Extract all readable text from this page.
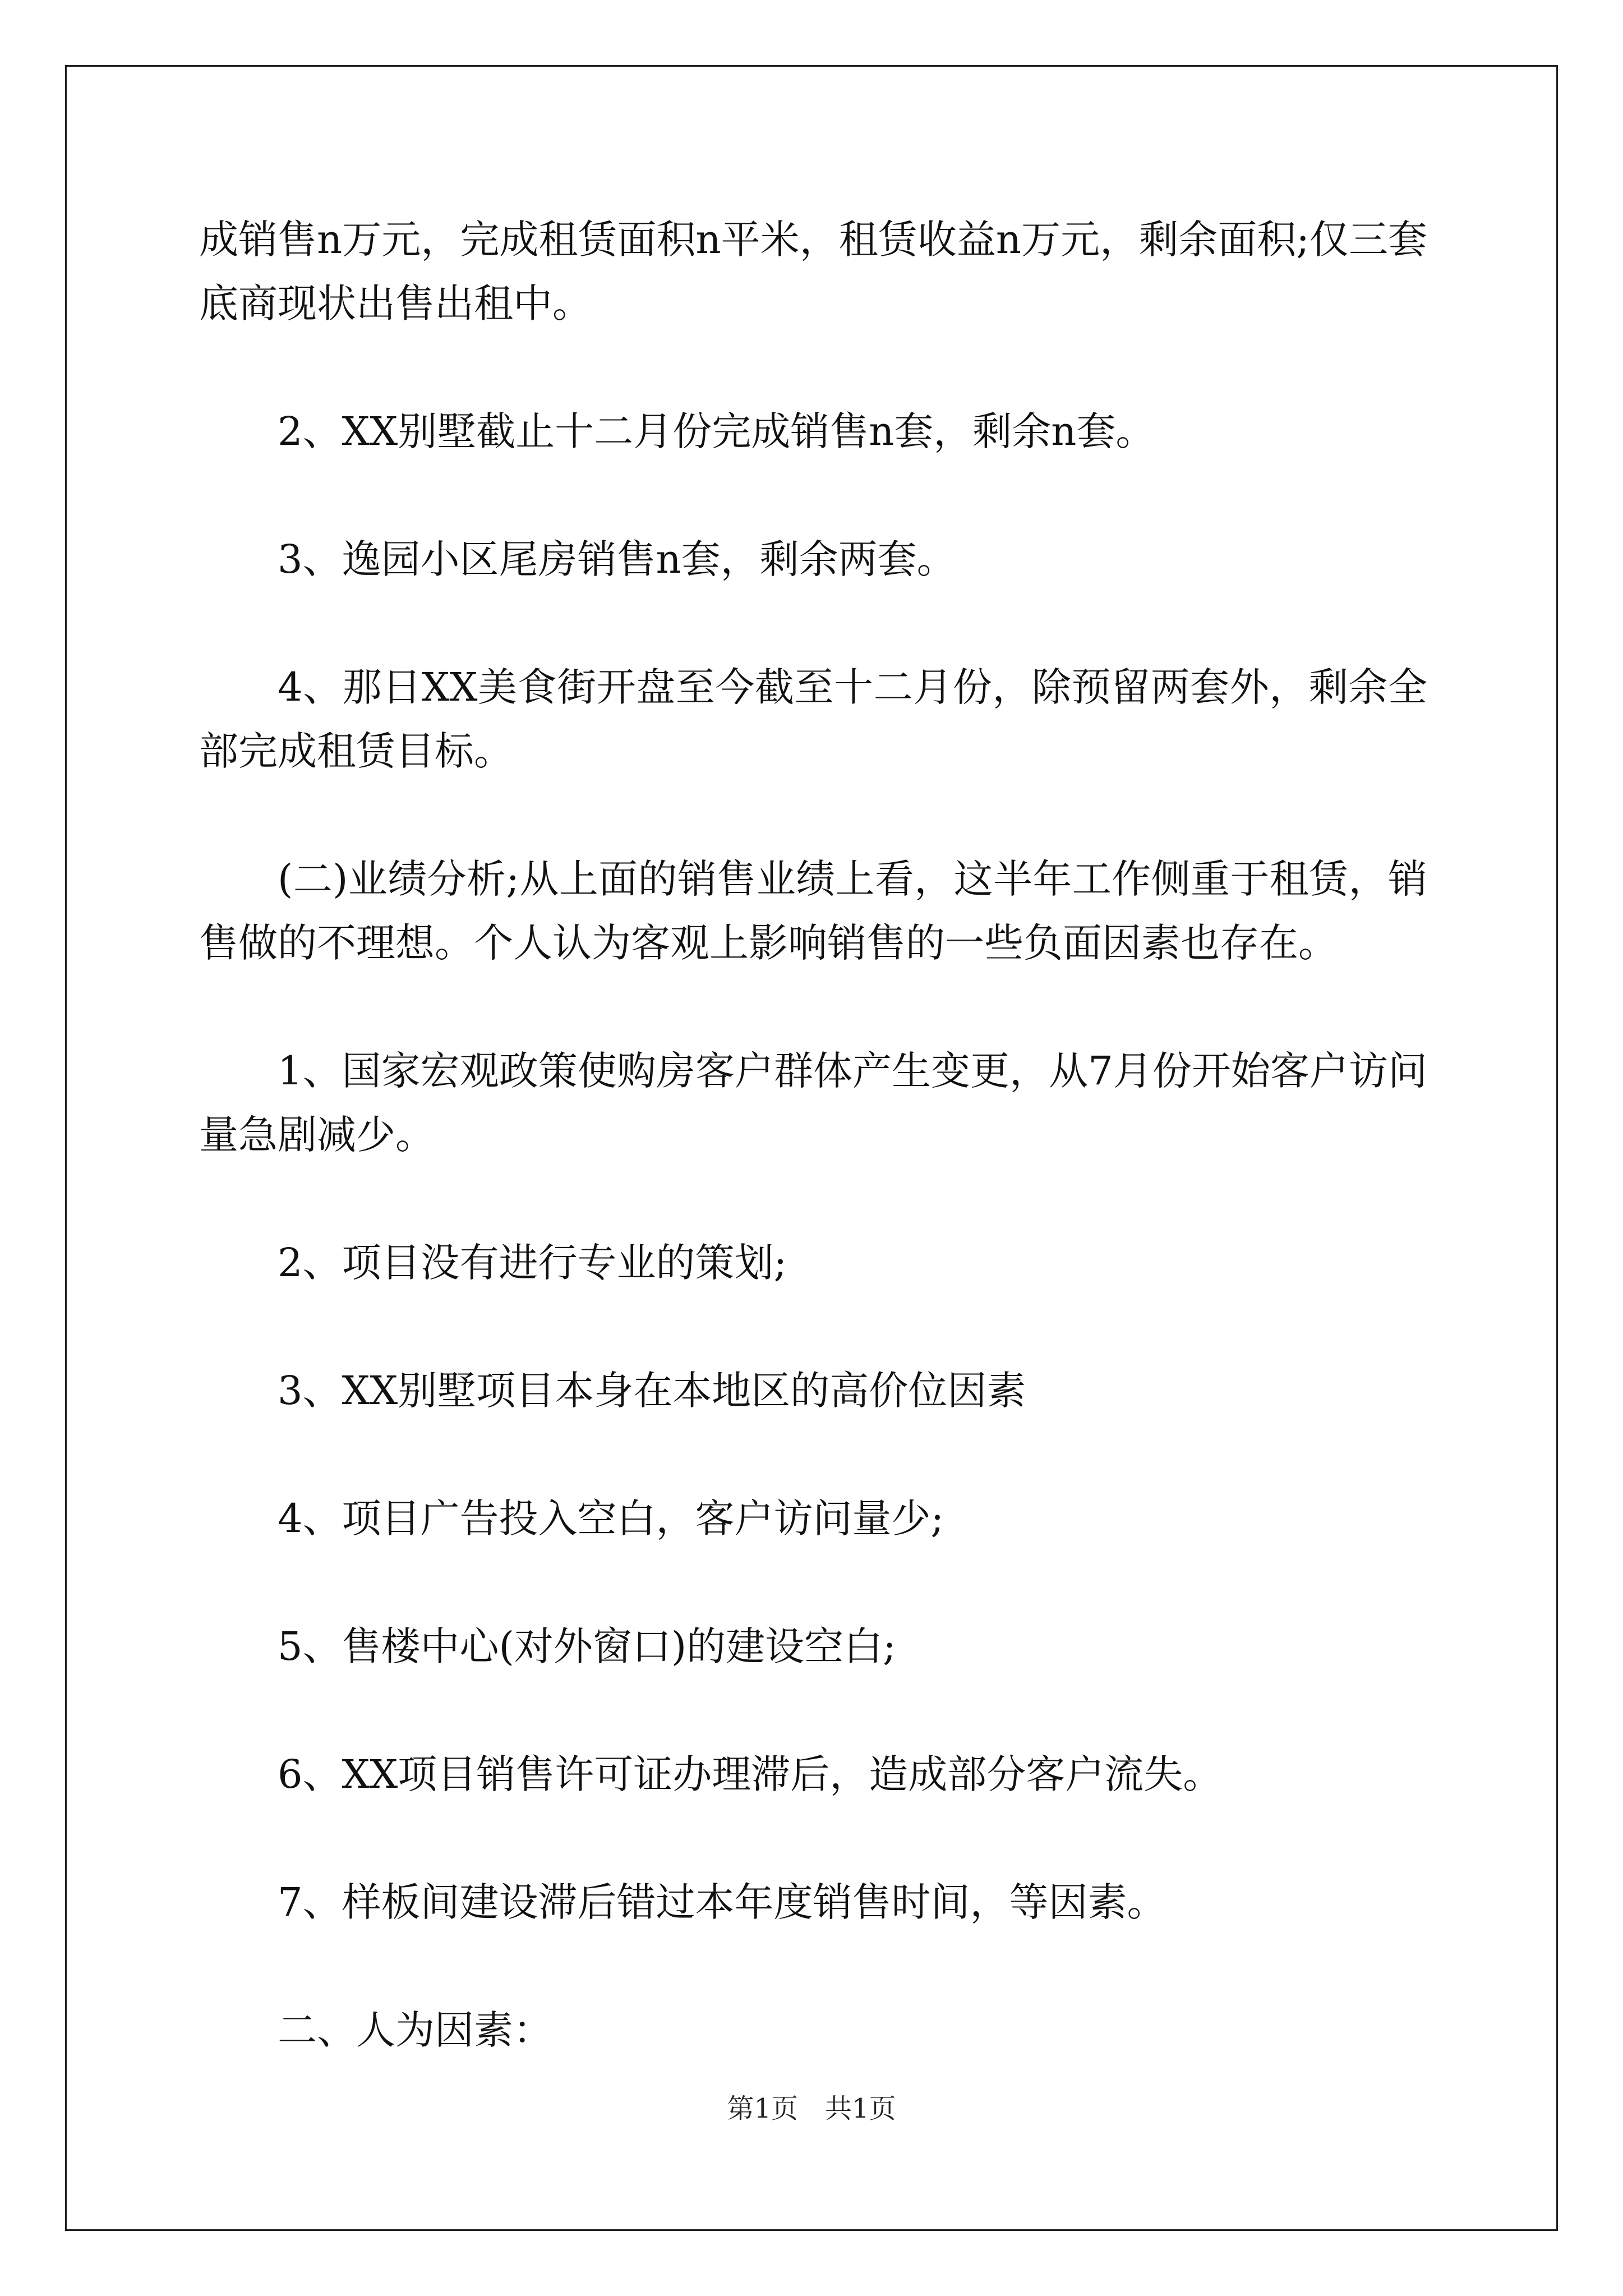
成销售n万元，完成租赁面积n平米，租赁收益n万元，剩余面积;仅三套底商现状出售出租中。

2、XX别墅截止十二月份完成销售n套，剩余n套。

3、逸园小区尾房销售n套，剩余两套。

4、那日XX美食街开盘至今截至十二月份，除预留两套外，剩余全部完成租赁目标。

(二)业绩分析;从上面的销售业绩上看，这半年工作侧重于租赁，销售做的不理想。个人认为客观上影响销售的一些负面因素也存在。

1、国家宏观政策使购房客户群体产生变更，从7月份开始客户访问量急剧减少。

2、项目没有进行专业的策划;

3、XX别墅项目本身在本地区的高价位因素

4、项目广告投入空白，客户访问量少;

5、售楼中心(对外窗口)的建设空白;

6、XX项目销售许可证办理滞后，造成部分客户流失。

7、样板间建设滞后错过本年度销售时间，等因素。

二、人为因素：

第1页　共1页
